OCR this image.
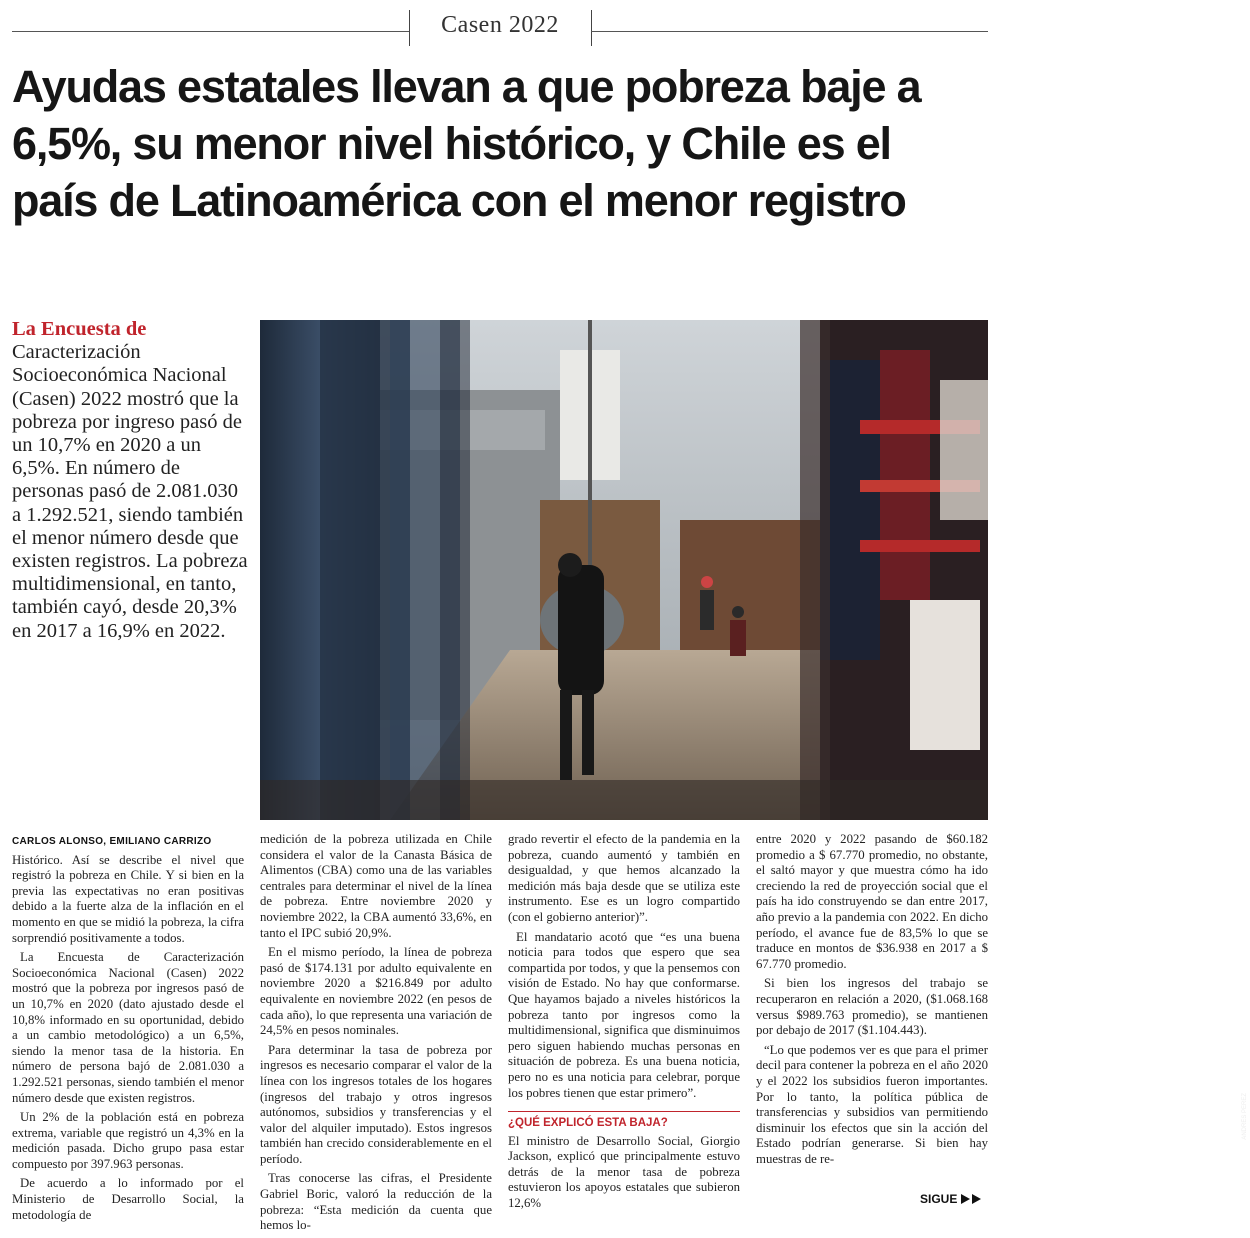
Casen 2022
Ayudas estatales llevan a que pobreza baje a 6,5%, su menor nivel histórico, y Chile es el país de Latinoamérica con el menor registro

La Encuesta de Caracterización Socioeconómica Nacional (Casen) 2022 mostró que la pobreza por ingreso pasó de un 10,7% en 2020 a un 6,5%. En número de personas pasó de 2.081.030 a 1.292.521, siendo también el menor número desde que existen registros. La pobreza multidimensional, en tanto, también cayó, desde 20,3% en 2017 a 16,9% en 2022.

ANDRÉS PÉREZ
CARLOS ALONSO, EMILIANO CARRIZO

Histórico. Así se describe el nivel que registró la pobreza en Chile. Y si bien en la previa las expectativas no eran positivas debido a la fuerte alza de la inflación en el momento en que se midió la pobreza, la cifra sorprendió positivamente a todos.

La Encuesta de Caracterización Socioeconómica Nacional (Casen) 2022 mostró que la pobreza por ingresos pasó de un 10,7% en 2020 (dato ajustado desde el 10,8% informado en su oportunidad, debido a un cambio metodológico) a un 6,5%, siendo la menor tasa de la historia. En número de persona bajó de 2.081.030 a 1.292.521 personas, siendo también el menor número desde que existen registros.

Un 2% de la población está en pobreza extrema, variable que registró un 4,3% en la medición pasada. Dicho grupo pasa estar compuesto por 397.963 personas.

De acuerdo a lo informado por el Ministerio de Desarrollo Social, la metodología de

medición de la pobreza utilizada en Chile considera el valor de la Canasta Básica de Alimentos (CBA) como una de las variables centrales para determinar el nivel de la línea de pobreza. Entre noviembre 2020 y noviembre 2022, la CBA aumentó 33,6%, en tanto el IPC subió 20,9%.

En el mismo período, la línea de pobreza pasó de $174.131 por adulto equivalente en noviembre 2020 a $216.849 por adulto equivalente en noviembre 2022 (en pesos de cada año), lo que representa una variación de 24,5% en pesos nominales.

Para determinar la tasa de pobreza por ingresos es necesario comparar el valor de la línea con los ingresos totales de los hogares (ingresos del trabajo y otros ingresos autónomos, subsidios y transferencias y el valor del alquiler imputado). Estos ingresos también han crecido considerablemente en el período.

Tras conocerse las cifras, el Presidente Gabriel Boric, valoró la reducción de la pobreza: “Esta medición da cuenta que hemos lo-

grado revertir el efecto de la pandemia en la pobreza, cuando aumentó y también en desigualdad, y que hemos alcanzado la medición más baja desde que se utiliza este instrumento. Ese es un logro compartido (con el gobierno anterior)”.

El mandatario acotó que “es una buena noticia para todos que espero que sea compartida por todos, y que la pensemos con visión de Estado. No hay que conformarse. Que hayamos bajado a niveles históricos la pobreza tanto por ingresos como la multidimensional, significa que disminuimos pero siguen habiendo muchas personas en situación de pobreza. Es una buena noticia, pero no es una noticia para celebrar, porque los pobres tienen que estar primero”.

¿QUÉ EXPLICÓ ESTA BAJA?

El ministro de Desarrollo Social, Giorgio Jackson, explicó que principalmente estuvo detrás de la menor tasa de pobreza estuvieron los apoyos estatales que subieron 12,6%

entre 2020 y 2022 pasando de $60.182 promedio a $ 67.770 promedio, no obstante, el saltó mayor y que muestra cómo ha ido creciendo la red de proyección social que el país ha ido construyendo se dan entre 2017, año previo a la pandemia con 2022. En dicho período, el avance fue de 83,5% lo que se traduce en montos de $36.938 en 2017 a $ 67.770 promedio.

Si bien los ingresos del trabajo se recuperaron en relación a 2020, ($1.068.168 versus $989.763 promedio), se mantienen por debajo de 2017 ($1.104.443).

“Lo que podemos ver es que para el primer decil para contener la pobreza en el año 2020 y el 2022 los subsidios fueron importantes. Por lo tanto, la política pública de transferencias y subsidios van permitiendo disminuir los efectos que sin la acción del Estado podrían generarse. Si bien hay muestras de re-

SIGUE
